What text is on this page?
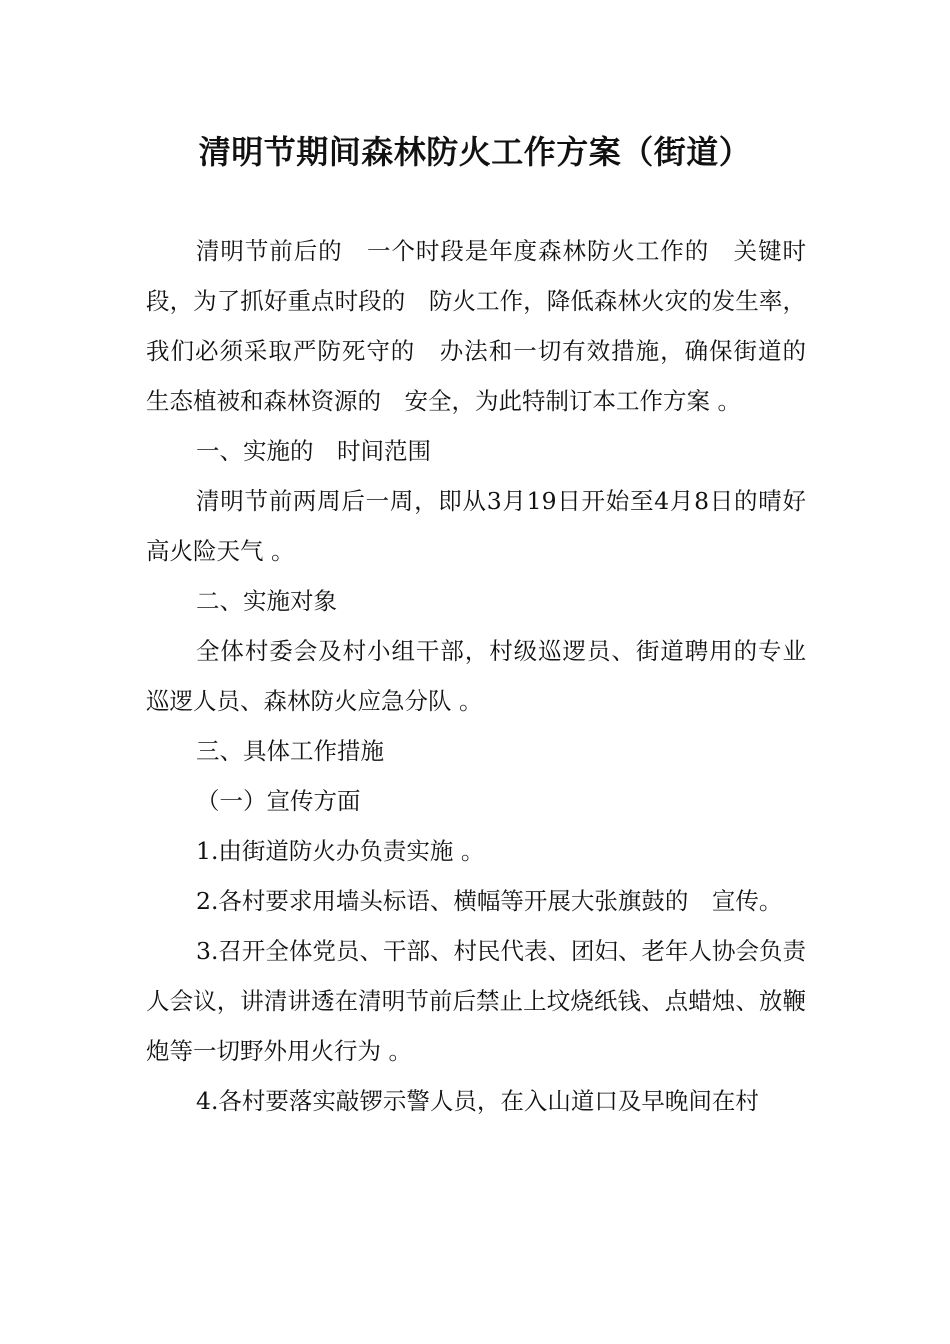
清明节期间森林防火工作方案（街道）

清明节前后的　一个时段是年度森林防火工作的　关键时段，为了抓好重点时段的　防火工作，降低森林火灾的发生率，我们必须采取严防死守的　办法和一切有效措施，确保街道的　生态植被和森林资源的　安全，为此特制订本工作方案 。

一、实施的　时间范围

清明节前两周后一周，即从3月19日开始至4月8日的晴好高火险天气 。

二、实施对象

全体村委会及村小组干部，村级巡逻员、街道聘用的专业巡逻人员、森林防火应急分队 。

三、具体工作措施

（一）宣传方面

1.由街道防火办负责实施 。

2.各村要求用墙头标语、横幅等开展大张旗鼓的　宣传。

3.召开全体党员、干部、村民代表、团妇、老年人协会负责人会议，讲清讲透在清明节前后禁止上坟烧纸钱、点蜡烛、放鞭炮等一切野外用火行为 。

4.各村要落实敲锣示警人员，在入山道口及早晚间在村
